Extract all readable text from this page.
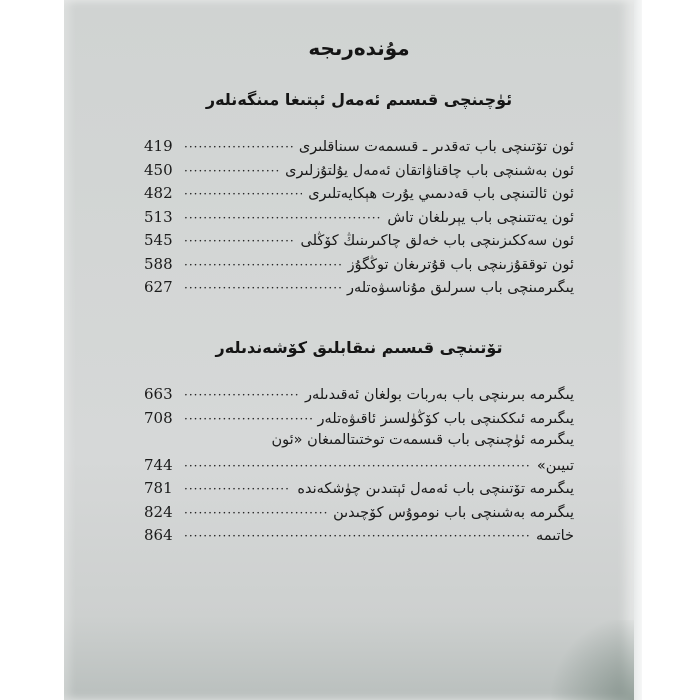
مۇندەرىجە
ئۈچىنچى قىسىم ئەمەل ئېتىغا مىنگەنلەر
ئون تۆتىنچى باب تەقدىر ـ قىسمەت سىناقلىرى
·····
419
ئون بەشىنچى باب چاقناۋاتقان ئەمەل يۇلتۇزلىرى
·····
450
ئون ئالتىنچى باب قەدىمىي يۇرت ھېكايەتلىرى
·····
482
ئون يەتتىنچى باب يېرىلغان تاش
·····
513
ئون سەككىزىنچى باب خەلق چاكىرىنىڭ كۆڭلى
·····
545
ئون توققۇزىنچى باب قۇترىغان توڭگۇز
·····
588
يىگىرمىنچى باب سىرلىق مۇناسىۋەتلەر
·····
627
تۆتىنچى قىسىم نىقابلىق كۆشەندىلەر
يىگىرمە بىرىنچى باب بەربات بولغان ئەقىدىلەر
·····
663
يىگىرمە ئىككىنچى باب كۆڭۈلسىز ئاقىۋەتلەر
·····
708
يىگىرمە ئۈچىنچى باب قىسمەت توختىتالمىغان «ئون
تىيىن»
·····
744
يىگىرمە تۆتىنچى باب ئەمەل ئېتىدىن چۈشكەندە
·····
781
يىگىرمە بەشىنچى باب نوموۇس كۆچىدىن
·····
824
خاتىمە
·····
864
